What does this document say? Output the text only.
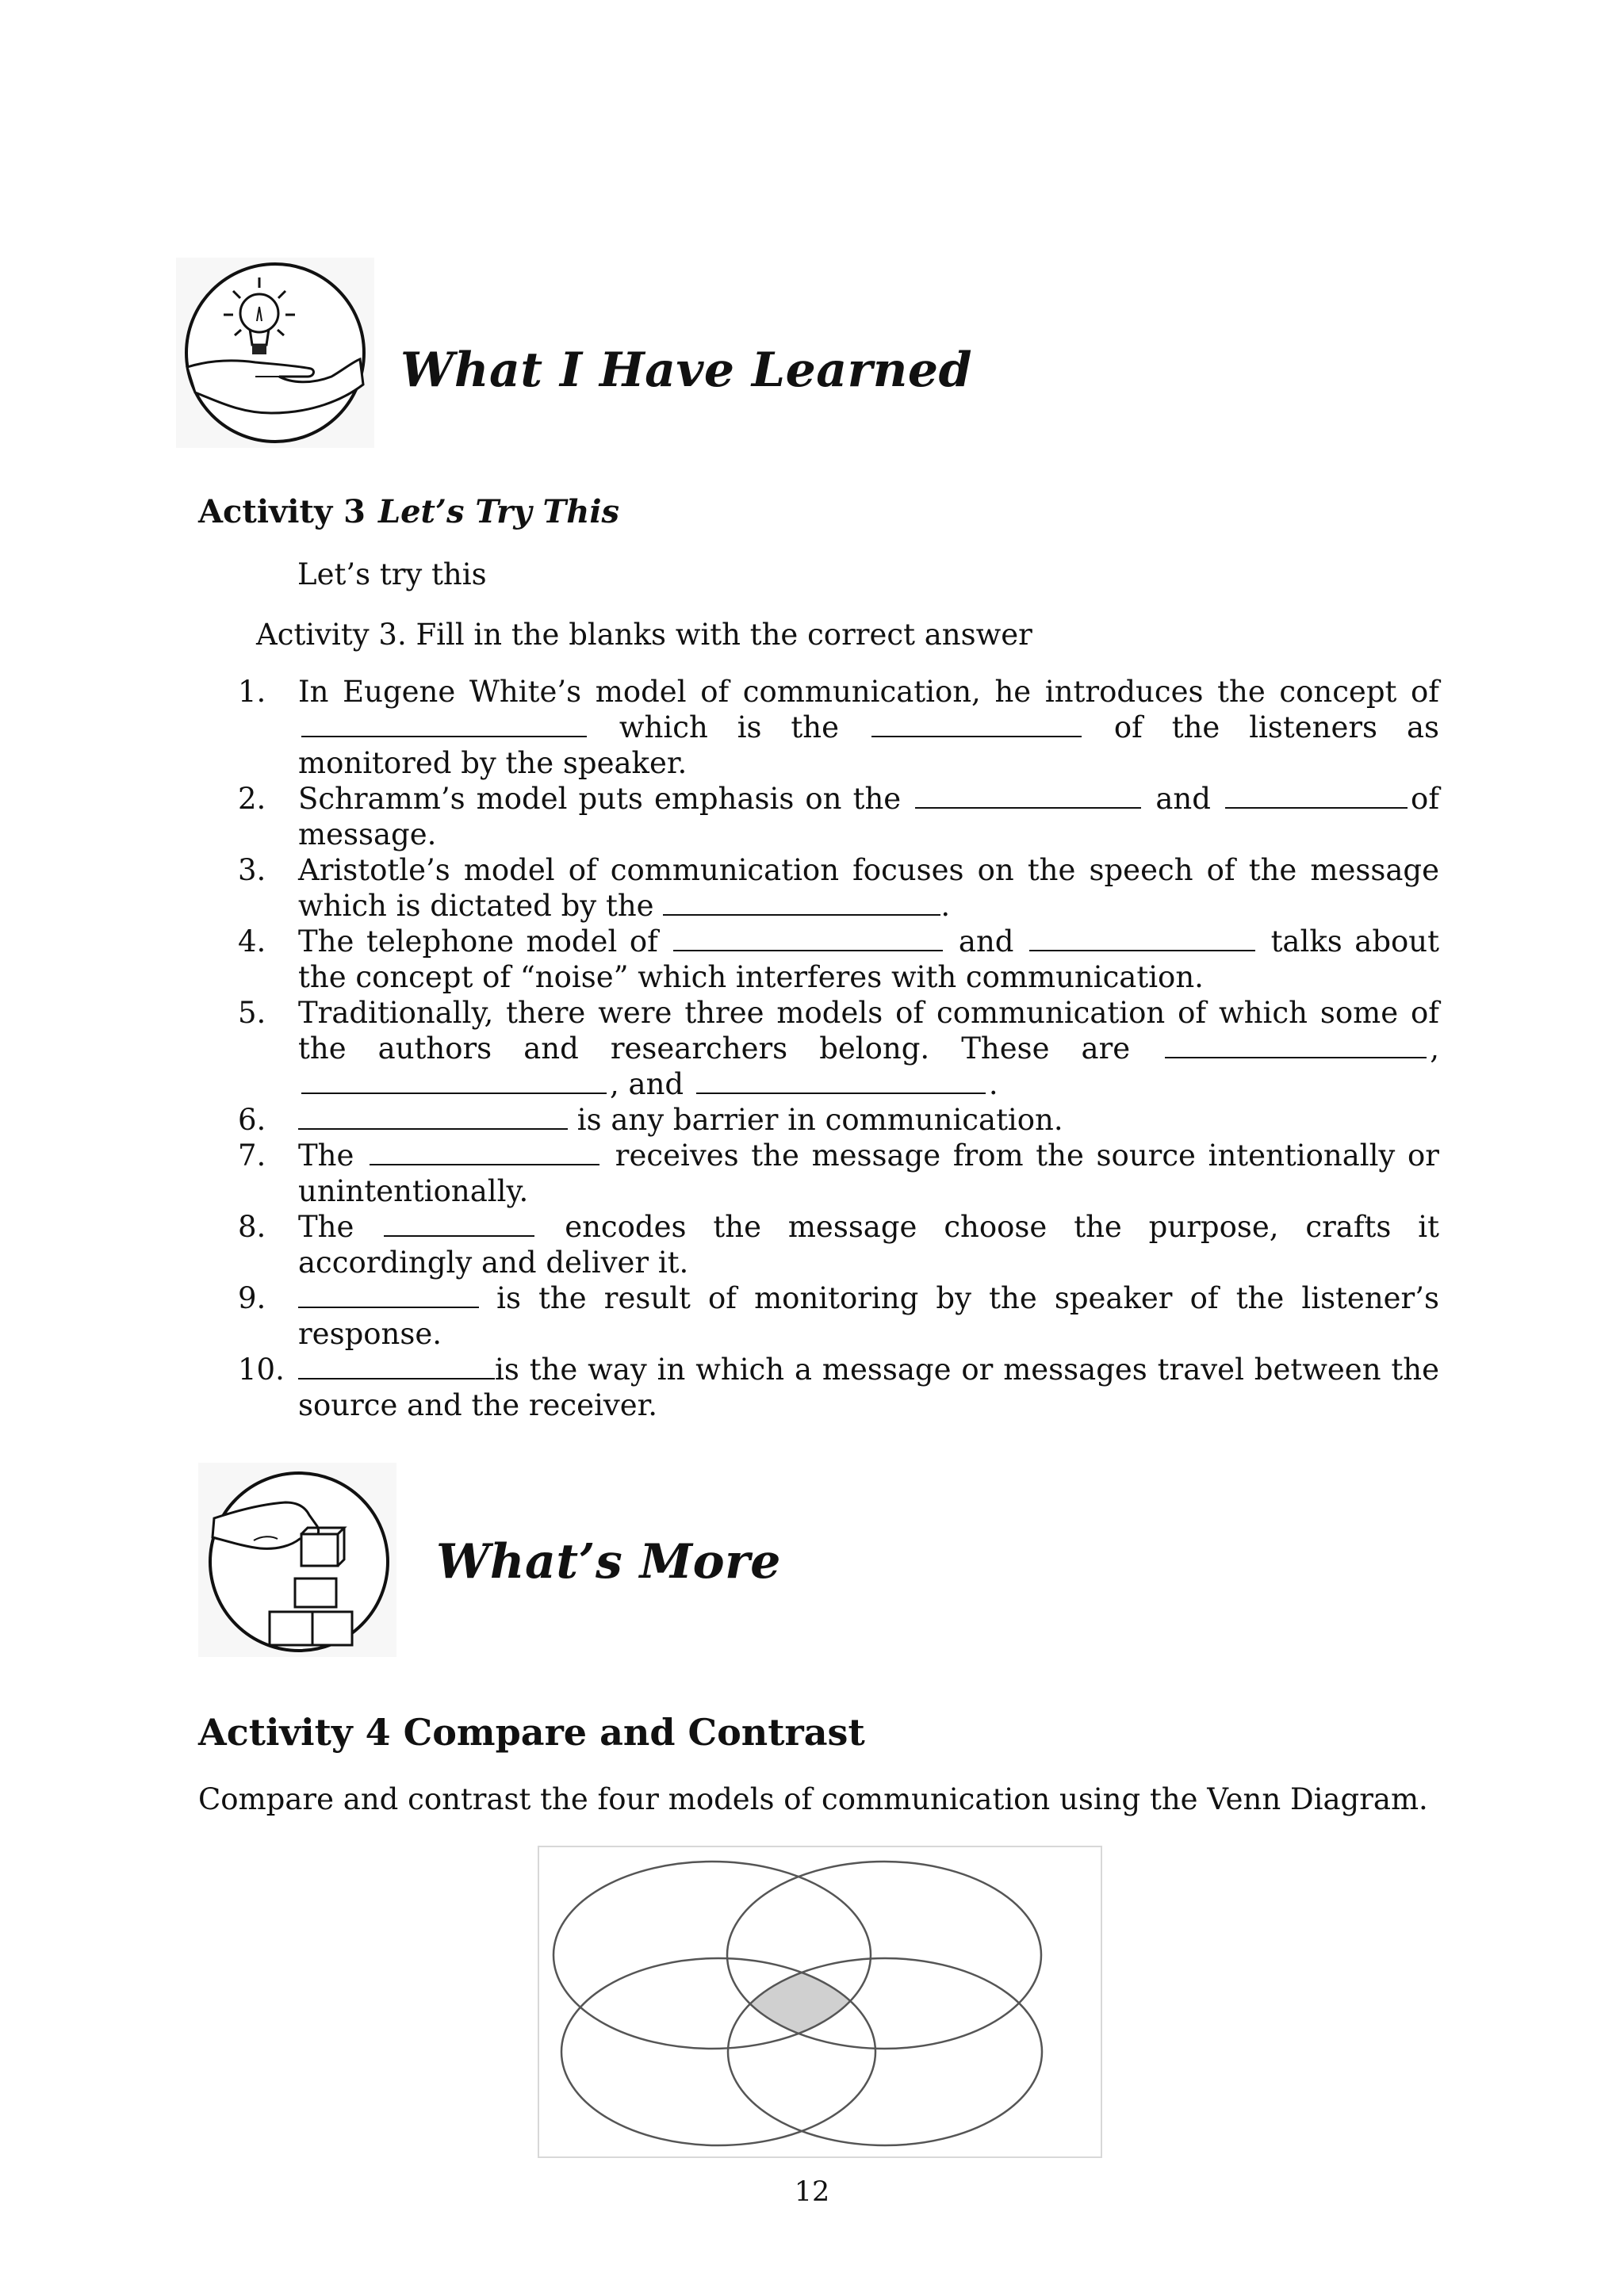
What I Have Learned
Activity 3 Let’s Try This
Let’s try this
Activity 3. Fill in the blanks with the correct answer
1.	In Eugene White’s model of communication, he introduces the concept of  which is the	of the listeners as monitored by the speaker.
2.	Schramm’s model puts emphasis on the	and	of message.
3.	Aristotle’s model of communication focuses on the speech of the message which is dictated by the	.
4.	The telephone model of	and	talks about the concept of “noise” which interferes with communication.
5.	Traditionally, there were three models of communication of which some of the authors and researchers belong. These are	, , and	.
6.	is any barrier in communication.
7.	The	receives the message from the source intentionally or unintentionally.
8.	The	encodes the message choose the purpose, crafts it accordingly and deliver it.
9.	is the result of monitoring by the speaker of the listener’s response.
10.	is the way in which a message or messages travel between the source and the receiver.
What’s More
Activity 4 Compare and Contrast
Compare and contrast the four models of communication using the Venn Diagram.
12
